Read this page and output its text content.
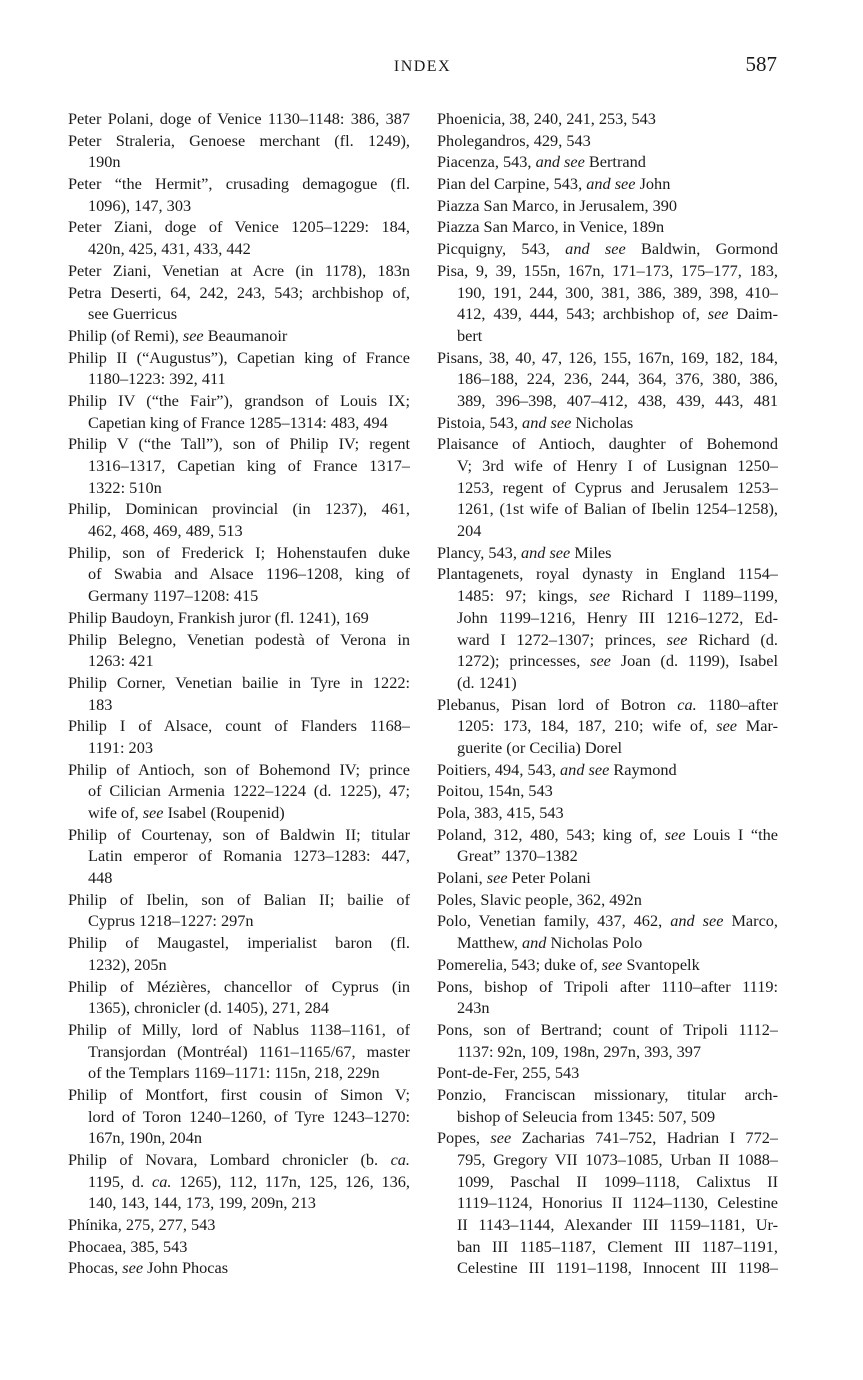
INDEX	587
Peter Polani, doge of Venice 1130–1148: 386, 387
Peter Straleria, Genoese merchant (fl. 1249),
190n
Peter “the Hermit”, crusading demagogue (fl.
1096), 147, 303
Peter Ziani, doge of Venice 1205–1229: 184,
420n, 425, 431, 433, 442
Peter Ziani, Venetian at Acre (in 1178), 183n
Petra Deserti, 64, 242, 243, 543; archbishop of,
see Guerricus
Philip (of Remi), see Beaumanoir
Philip II (“Augustus”), Capetian king of France
1180–1223: 392, 411
Philip IV (“the Fair”), grandson of Louis IX;
Capetian king of France 1285–1314: 483, 494
Philip V (“the Tall”), son of Philip IV; regent
1316–1317, Capetian king of France 1317–
1322: 510n
Philip, Dominican provincial (in 1237), 461,
462, 468, 469, 489, 513
Philip, son of Frederick I; Hohenstaufen duke
of Swabia and Alsace 1196–1208, king of
Germany 1197–1208: 415
Philip Baudoyn, Frankish juror (fl. 1241), 169
Philip Belegno, Venetian podestà of Verona in
1263: 421
Philip Corner, Venetian bailie in Tyre in 1222:
183
Philip I of Alsace, count of Flanders 1168–
1191: 203
Philip of Antioch, son of Bohemond IV; prince
of Cilician Armenia 1222–1224 (d. 1225), 47;
wife of, see Isabel (Roupenid)
Philip of Courtenay, son of Baldwin II; titular
Latin emperor of Romania 1273–1283: 447,
448
Philip of Ibelin, son of Balian II; bailie of
Cyprus 1218–1227: 297n
Philip of Maugastel, imperialist baron (fl.
1232), 205n
Philip of Mézières, chancellor of Cyprus (in
1365), chronicler (d. 1405), 271, 284
Philip of Milly, lord of Nablus 1138–1161, of
Transjordan (Montréal) 1161–1165/67, master
of the Templars 1169–1171: 115n, 218, 229n
Philip of Montfort, first cousin of Simon V;
lord of Toron 1240–1260, of Tyre 1243–1270:
167n, 190n, 204n
Philip of Novara, Lombard chronicler (b. ca.
1195, d. ca. 1265), 112, 117n, 125, 126, 136,
140, 143, 144, 173, 199, 209n, 213
Phínika, 275, 277, 543
Phocaea, 385, 543
Phocas, see John Phocas
Phoenicia, 38, 240, 241, 253, 543
Pholegandros, 429, 543
Piacenza, 543, and see Bertrand
Pian del Carpine, 543, and see John
Piazza San Marco, in Jerusalem, 390
Piazza San Marco, in Venice, 189n
Picquigny, 543, and see Baldwin, Gormond
Pisa, 9, 39, 155n, 167n, 171–173, 175–177, 183,
190, 191, 244, 300, 381, 386, 389, 398, 410–
412, 439, 444, 543; archbishop of, see Daim-
bert
Pisans, 38, 40, 47, 126, 155, 167n, 169, 182, 184,
186–188, 224, 236, 244, 364, 376, 380, 386,
389, 396–398, 407–412, 438, 439, 443, 481
Pistoia, 543, and see Nicholas
Plaisance of Antioch, daughter of Bohemond
V; 3rd wife of Henry I of Lusignan 1250–
1253, regent of Cyprus and Jerusalem 1253–
1261, (1st wife of Balian of Ibelin 1254–1258),
204
Plancy, 543, and see Miles
Plantagenets, royal dynasty in England 1154–
1485: 97; kings, see Richard I 1189–1199,
John 1199–1216, Henry III 1216–1272, Ed-
ward I 1272–1307; princes, see Richard (d.
1272); princesses, see Joan (d. 1199), Isabel
(d. 1241)
Plebanus, Pisan lord of Botron ca. 1180–after
1205: 173, 184, 187, 210; wife of, see Mar-
guerite (or Cecilia) Dorel
Poitiers, 494, 543, and see Raymond
Poitou, 154n, 543
Pola, 383, 415, 543
Poland, 312, 480, 543; king of, see Louis I “the
Great” 1370–1382
Polani, see Peter Polani
Poles, Slavic people, 362, 492n
Polo, Venetian family, 437, 462, and see Marco,
Matthew, and Nicholas Polo
Pomerelia, 543; duke of, see Svantopelk
Pons, bishop of Tripoli after 1110–after 1119:
243n
Pons, son of Bertrand; count of Tripoli 1112–
1137: 92n, 109, 198n, 297n, 393, 397
Pont-de-Fer, 255, 543
Ponzio, Franciscan missionary, titular arch-
bishop of Seleucia from 1345: 507, 509
Popes, see Zacharias 741–752, Hadrian I 772–
795, Gregory VII 1073–1085, Urban II 1088–
1099, Paschal II 1099–1118, Calixtus II
1119–1124, Honorius II 1124–1130, Celestine
II 1143–1144, Alexander III 1159–1181, Ur-
ban III 1185–1187, Clement III 1187–1191,
Celestine III 1191–1198, Innocent III 1198–
